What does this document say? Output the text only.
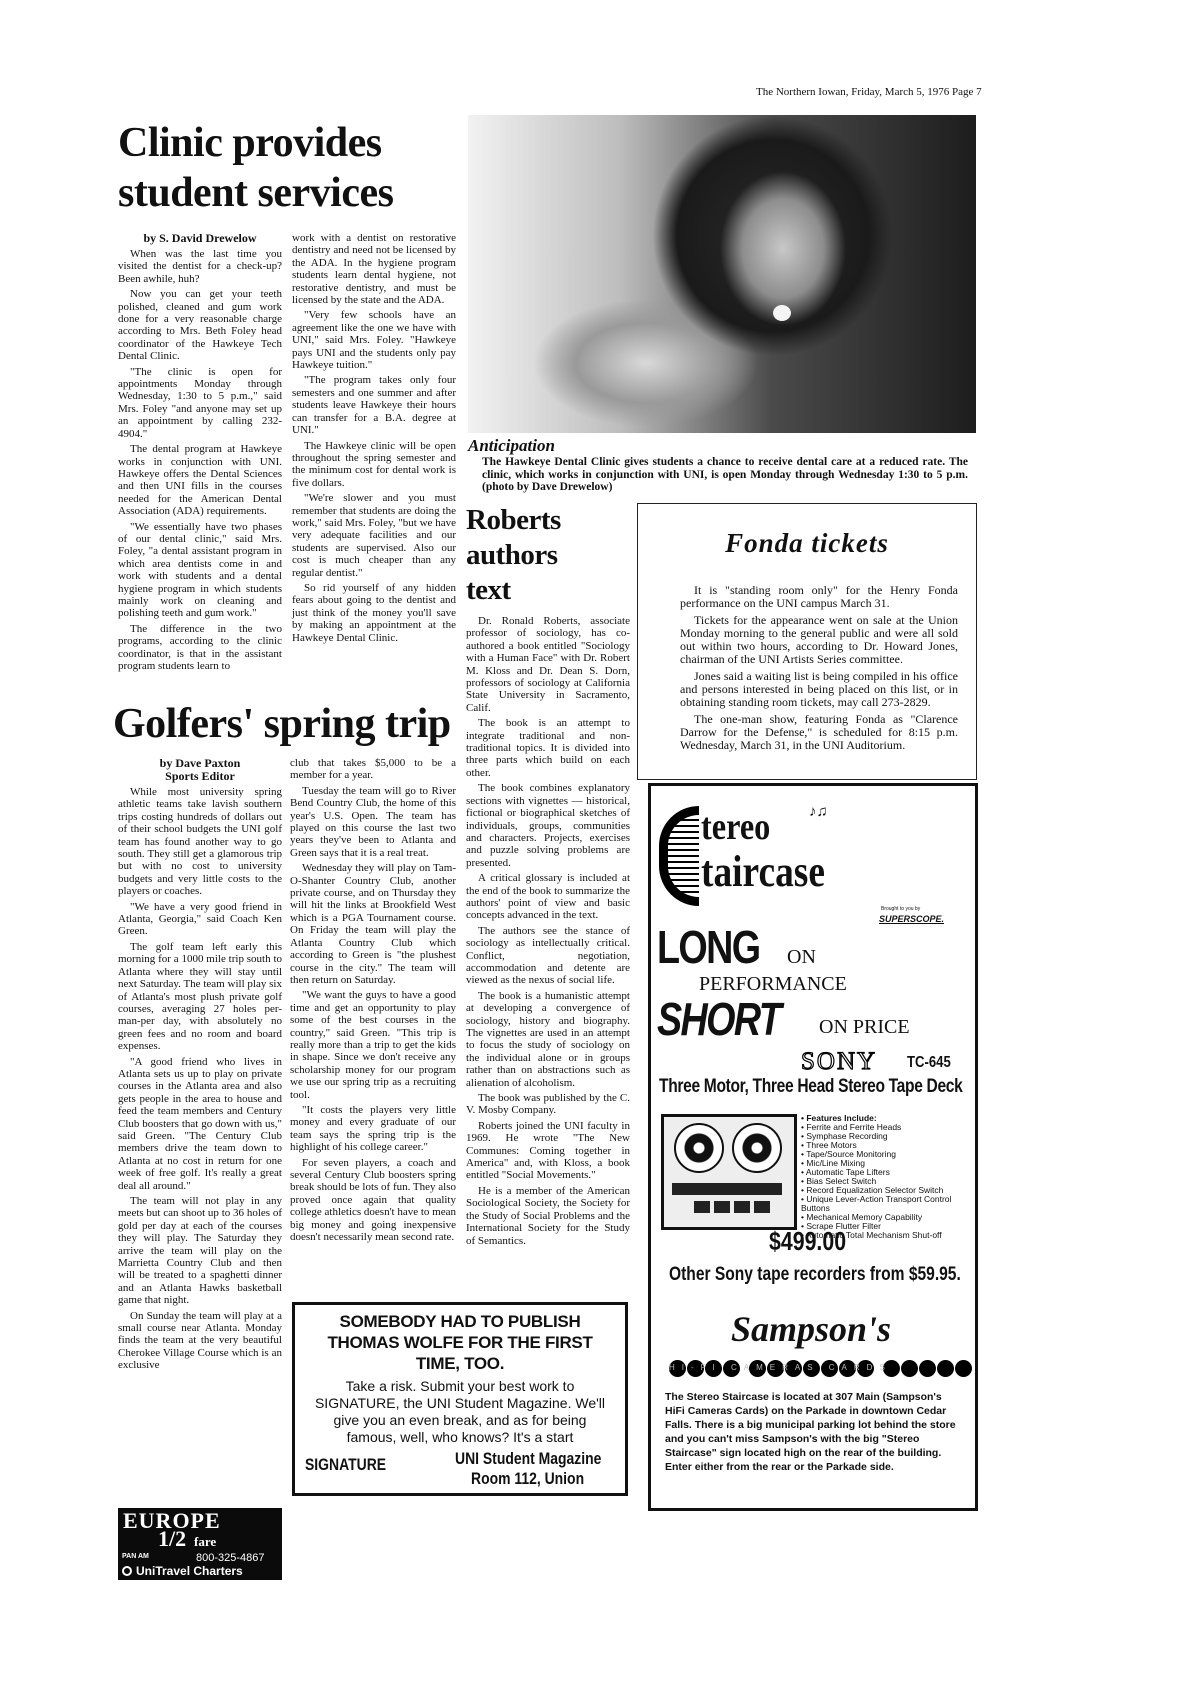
The Northern Iowan, Friday, March 5, 1976 Page 7
Clinic provides
student services
by S. David Drewelow

When was the last time you visited the dentist for a check-up? Been awhile, huh?

Now you can get your teeth polished, cleaned and gum work done for a very reasonable charge according to Mrs. Beth Foley head coordinator of the Hawkeye Tech Dental Clinic.

"The clinic is open for appointments Monday through Wednesday, 1:30 to 5 p.m.," said Mrs. Foley "and anyone may set up an appointment by calling 232-4904."

The dental program at Hawkeye works in conjunction with UNI. Hawkeye offers the Dental Sciences and then UNI fills in the courses needed for the American Dental Association (ADA) requirements.

"We essentially have two phases of our dental clinic," said Mrs. Foley, "a dental assistant program in which area dentists come in and work with students and a dental hygiene program in which students mainly work on cleaning and polishing teeth and gum work."

The difference in the two programs, according to the clinic coordinator, is that in the assistant program students learn to

work with a dentist on restorative dentistry and need not be licensed by the ADA. In the hygiene program students learn dental hygiene, not restorative dentistry, and must be licensed by the state and the ADA.

"Very few schools have an agreement like the one we have with UNI," said Mrs. Foley. "Hawkeye pays UNI and the students only pay Hawkeye tuition."

"The program takes only four semesters and one summer and after students leave Hawkeye their hours can transfer for a B.A. degree at UNI."

The Hawkeye clinic will be open throughout the spring semester and the minimum cost for dental work is five dollars.

"We're slower and you must remember that students are doing the work," said Mrs. Foley, "but we have very adequate facilities and our students are supervised. Also our cost is much cheaper than any regular dentist."

So rid yourself of any hidden fears about going to the dentist and just think of the money you'll save by making an appointment at the Hawkeye Dental Clinic.

Anticipation
The Hawkeye Dental Clinic gives students a chance to receive dental care at a reduced rate. The clinic, which works in conjunction with UNI, is open Monday through Wednesday 1:30 to 5 p.m. (photo by Dave Drewelow)
Roberts
authors
text

Dr. Ronald Roberts, associate professor of sociology, has co-authored a book entitled "Sociology with a Human Face" with Dr. Robert M. Kloss and Dr. Dean S. Dorn, professors of sociology at California State University in Sacramento, Calif.

The book is an attempt to integrate traditional and non-traditional topics. It is divided into three parts which build on each other.

The book combines explanatory sections with vignettes — historical, fictional or biographical sketches of individuals, groups, communities and characters. Projects, exercises and puzzle solving problems are presented.

A critical glossary is included at the end of the book to summarize the authors' point of view and basic concepts advanced in the text.

The authors see the stance of sociology as intellectually critical. Conflict, negotiation, accommodation and detente are viewed as the nexus of social life.

The book is a humanistic attempt at developing a convergence of sociology, history and biography. The vignettes are used in an attempt to focus the study of sociology on the individual alone or in groups rather than on abstractions such as alienation of alcoholism.

The book was published by the C. V. Mosby Company.

Roberts joined the UNI faculty in 1969. He wrote "The New Communes: Coming together in America" and, with Kloss, a book entitled "Social Movements."

He is a member of the American Sociological Society, the Society for the Study of Social Problems and the International Society for the Study of Semantics.

Fonda tickets

It is "standing room only" for the Henry Fonda performance on the UNI campus March 31.

Tickets for the appearance went on sale at the Union Monday morning to the general public and were all sold out within two hours, according to Dr. Howard Jones, chairman of the UNI Artists Series committee.

Jones said a waiting list is being compiled in his office and persons interested in being placed on this list, or in obtaining standing room tickets, may call 273-2829.

The one-man show, featuring Fonda as "Clarence Darrow for the Defense," is scheduled for 8:15 p.m. Wednesday, March 31, in the UNI Auditorium.

Golfers' spring trip
by Dave Paxton
Sports Editor

While most university spring athletic teams take lavish southern trips costing hundreds of dollars out of their school budgets the UNI golf team has found another way to go south. They still get a glamorous trip but with no cost to university budgets and very little costs to the players or coaches.

"We have a very good friend in Atlanta, Georgia," said Coach Ken Green.

The golf team left early this morning for a 1000 mile trip south to Atlanta where they will stay until next Saturday. The team will play six of Atlanta's most plush private golf courses, averaging 27 holes per-man-per day, with absolutely no green fees and no room and board expenses.

"A good friend who lives in Atlanta sets us up to play on private courses in the Atlanta area and also gets people in the area to house and feed the team members and Century Club boosters that go down with us," said Green. "The Century Club members drive the team down to Atlanta at no cost in return for one week of free golf. It's really a great deal all around."

The team will not play in any meets but can shoot up to 36 holes of gold per day at each of the courses they will play. The Saturday they arrive the team will play on the Marrietta Country Club and then will be treated to a spaghetti dinner and an Atlanta Hawks basketball game that night.

On Sunday the team will play at a small course near Atlanta. Monday finds the team at the very beautiful Cherokee Village Course which is an exclusive

club that takes $5,000 to be a member for a year.

Tuesday the team will go to River Bend Country Club, the home of this year's U.S. Open. The team has played on this course the last two years they've been to Atlanta and Green says that it is a real treat.

Wednesday they will play on Tam-O-Shanter Country Club, another private course, and on Thursday they will hit the links at Brookfield West which is a PGA Tournament course. On Friday the team will play the Atlanta Country Club which according to Green is "the plushest course in the city." The team will then return on Saturday.

"We want the guys to have a good time and get an opportunity to play some of the best courses in the country," said Green. "This trip is really more than a trip to get the kids in shape. Since we don't receive any scholarship money for our program we use our spring trip as a recruiting tool.

"It costs the players very little money and every graduate of our team says the spring trip is the highlight of his college career."

For seven players, a coach and several Century Club boosters spring break should be lots of fun. They also proved once again that quality college athletics doesn't have to mean big money and going inexpensive doesn't necessarily mean second rate.

SOMEBODY HAD TO PUBLISH THOMAS WOLFE FOR THE FIRST TIME, TOO.
Take a risk. Submit your best work to SIGNATURE, the UNI Student Magazine. We'll give you an even break, and as for being famous, well, who knows? It's a start
SIGNATURE	UNI Student Magazine
Room 112, Union
tereo	♪♫
taircase
Brought to you by
SUPERSCOPE.
LONG ON
PERFORMANCE
SHORT ON PRICE
SONY TC-645
Three Motor, Three Head Stereo Tape Deck
• Features Include:
• Ferrite and Ferrite Heads
• Symphase Recording
• Three Motors
• Tape/Source Monitoring
• Mic/Line Mixing
• Automatic Tape Lifters
• Bias Select Switch
• Record Equalization Selector Switch
• Unique Lever-Action Transport Control Buttons
• Mechanical Memory Capability
• Scrape Flutter Filter
• Automatic Total Mechanism Shut-off
$499.00
Other Sony tape recorders from $59.95.
Sampson's

HI-FI CAMERAS CARDS
The Stereo Staircase is located at 307 Main (Sampson's HiFi Cameras Cards) on the Parkade in downtown Cedar Falls. There is a big municipal parking lot behind the store and you can't miss Sampson's with the big "Stereo Staircase" sign located high on the rear of the building. Enter either from the rear or the Parkade side.
EUROPE
1/2 fare
PAN AM	800-325-4867
UniTravel Charters
